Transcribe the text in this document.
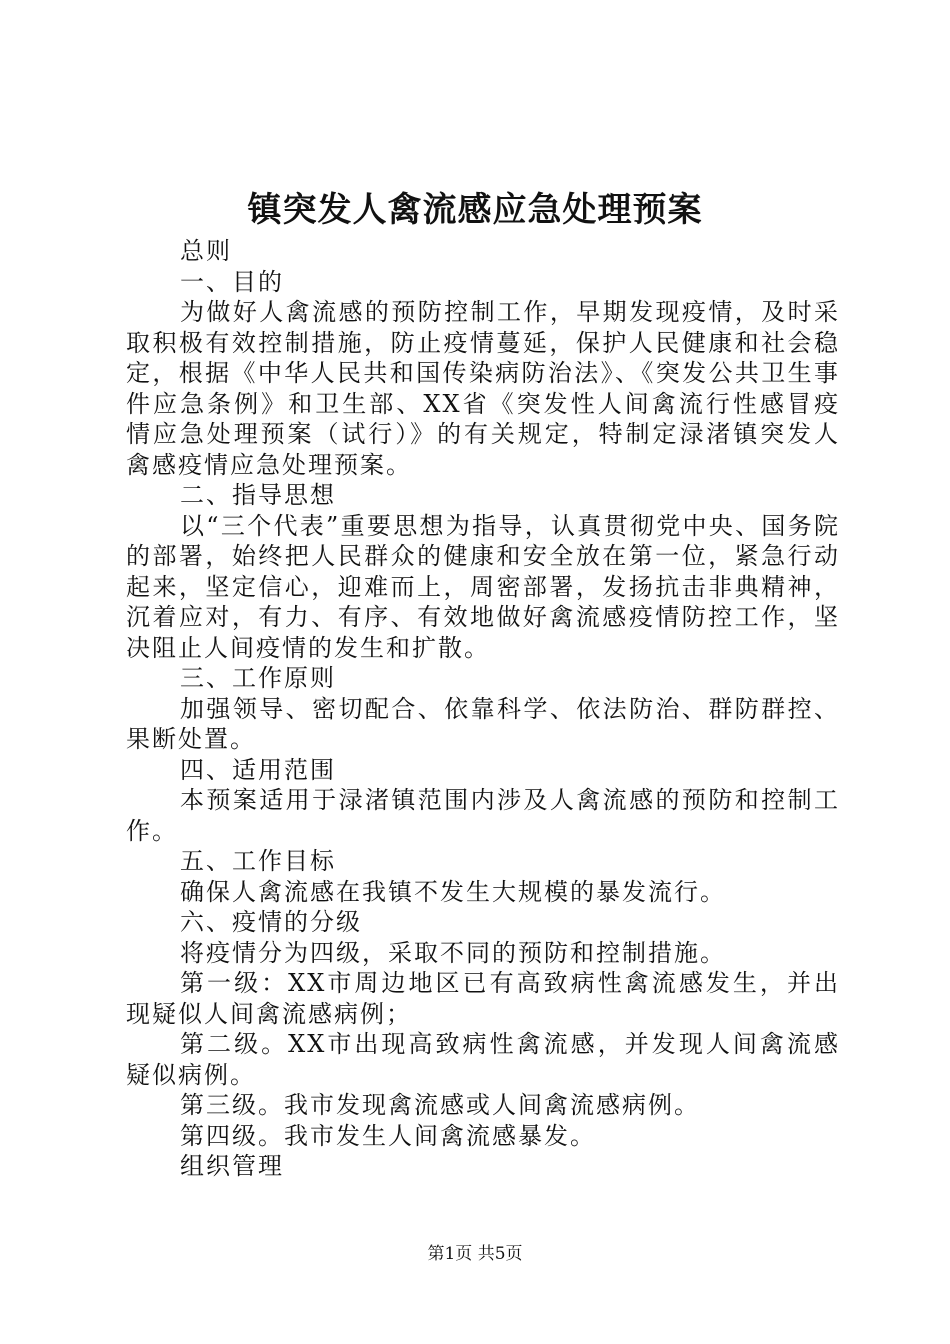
镇突发人禽流感应急处理预案

总则

一、目的

为做好人禽流感的预防控制工作，早期发现疫情，及时采取积极有效控制措施，防止疫情蔓延，保护人民健康和社会稳定，根据《中华人民共和国传染病防治法》、《突发公共卫生事件应急条例》和卫生部、XX省《突发性人间禽流行性感冒疫情应急处理预案（试行）》的有关规定，特制定渌渚镇突发人禽感疫情应急处理预案。

二、指导思想

以“三个代表”重要思想为指导，认真贯彻党中央、国务院的部署，始终把人民群众的健康和安全放在第一位，紧急行动起来，坚定信心，迎难而上，周密部署，发扬抗击非典精神，沉着应对，有力、有序、有效地做好禽流感疫情防控工作，坚决阻止人间疫情的发生和扩散。

三、工作原则

加强领导、密切配合、依靠科学、依法防治、群防群控、果断处置。

四、适用范围

本预案适用于渌渚镇范围内涉及人禽流感的预防和控制工作。

五、工作目标

确保人禽流感在我镇不发生大规模的暴发流行。

六、疫情的分级

将疫情分为四级，采取不同的预防和控制措施。

第一级：XX市周边地区已有高致病性禽流感发生，并出现疑似人间禽流感病例；

第二级。XX市出现高致病性禽流感，并发现人间禽流感疑似病例。

第三级。我市发现禽流感或人间禽流感病例。

第四级。我市发生人间禽流感暴发。

组织管理

第1页 共5页
